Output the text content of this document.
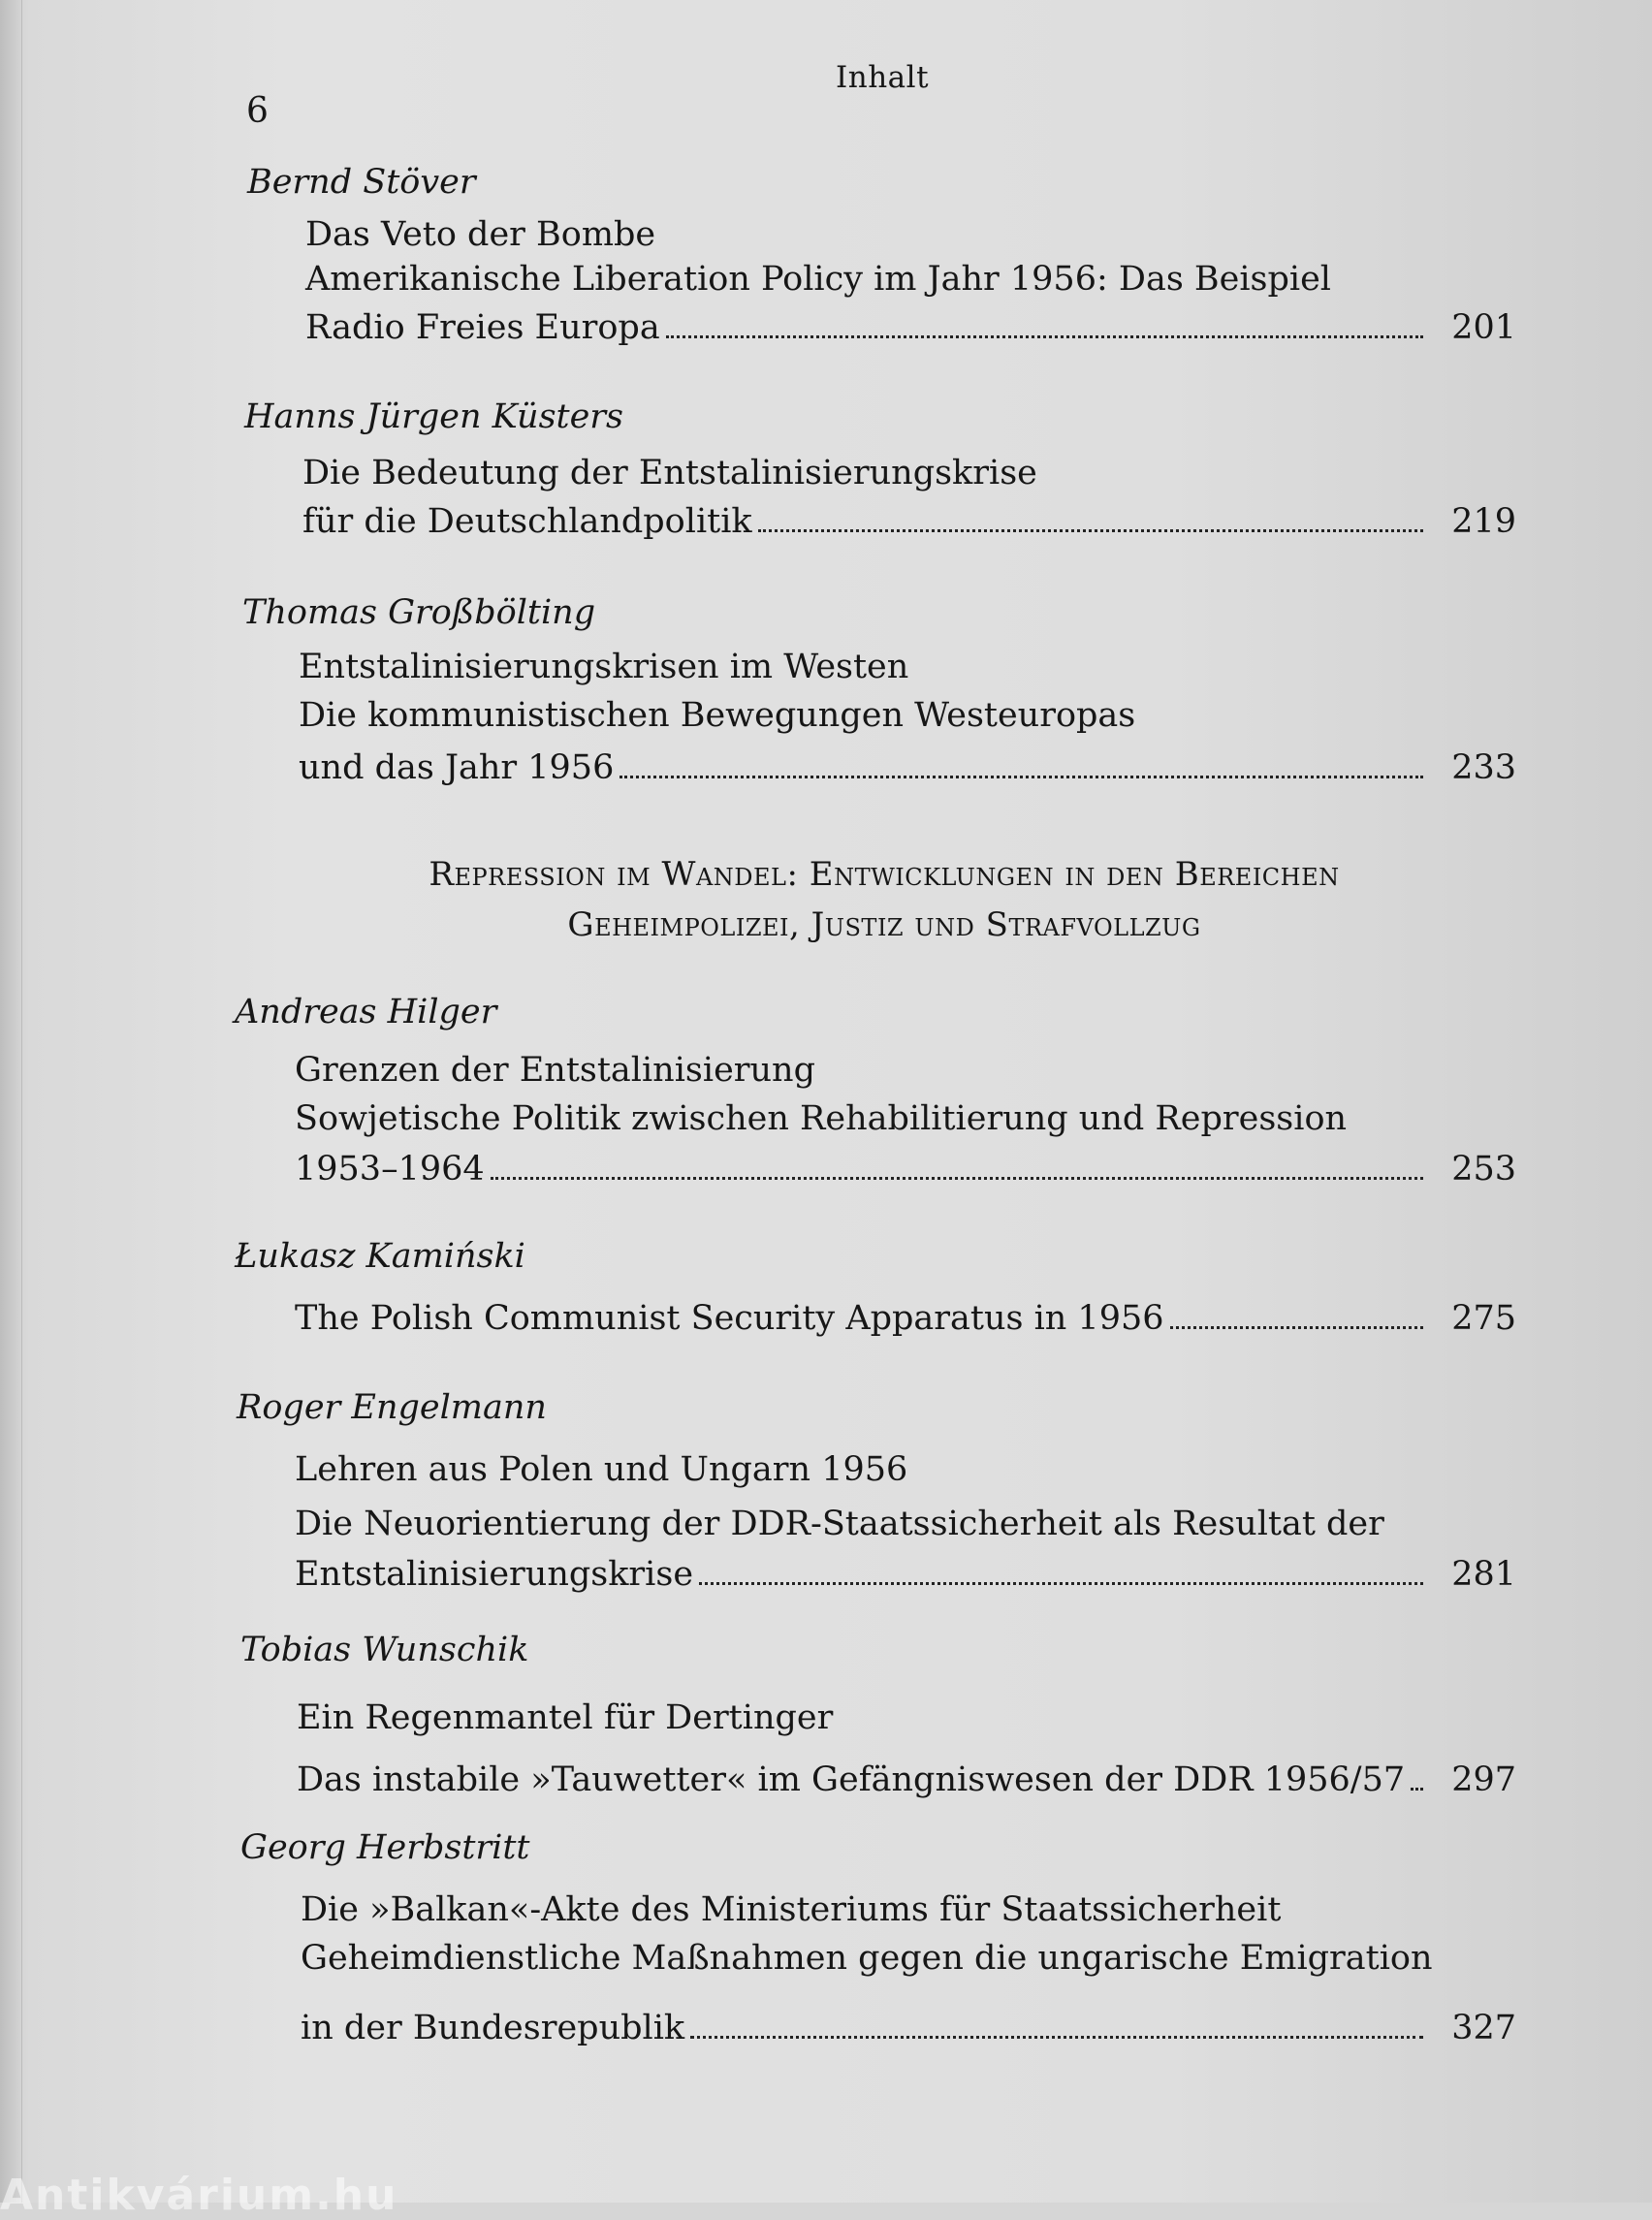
Inhalt
6
Bernd Stöver
Das Veto der Bombe
Amerikanische Liberation Policy im Jahr 1956: Das Beispiel
Radio Freies Europa	201
Hanns Jürgen Küsters
Die Bedeutung der Entstalinisierungskrise
für die Deutschlandpolitik	219
Thomas Großbölting
Entstalinisierungskrisen im Westen
Die kommunistischen Bewegungen Westeuropas
und das Jahr 1956	233
Repression im Wandel: Entwicklungen in den Bereichen
Geheimpolizei, Justiz und Strafvollzug
Andreas Hilger
Grenzen der Entstalinisierung
Sowjetische Politik zwischen Rehabilitierung und Repression
1953–1964	253
Łukasz Kamiński
The Polish Communist Security Apparatus in 1956	275
Roger Engelmann
Lehren aus Polen und Ungarn 1956
Die Neuorientierung der DDR-Staatssicherheit als Resultat der
Entstalinisierungskrise	281
Tobias Wunschik
Ein Regenmantel für Dertinger
Das instabile »Tauwetter« im Gefängniswesen der DDR 1956/57	297
Georg Herbstritt
Die »Balkan«-Akte des Ministeriums für Staatssicherheit
Geheimdienstliche Maßnahmen gegen die ungarische Emigration
in der Bundesrepublik	327
Antikvárium.hu
